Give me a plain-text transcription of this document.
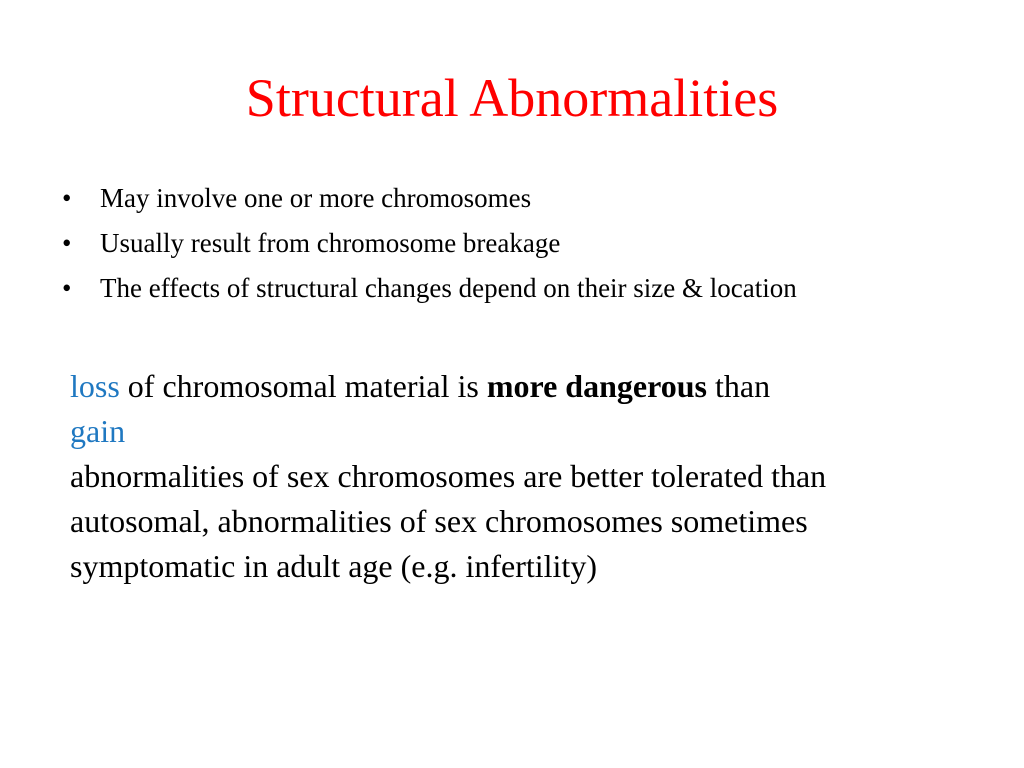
Structural Abnormalities
• May involve one or more chromosomes
• Usually result from chromosome breakage
• The effects of structural changes depend on their size & location

loss of chromosomal material is more dangerous than
gain

abnormalities of sex chromosomes are better tolerated than autosomal, abnormalities of sex chromosomes sometimes symptomatic in adult age (e.g. infertility)
